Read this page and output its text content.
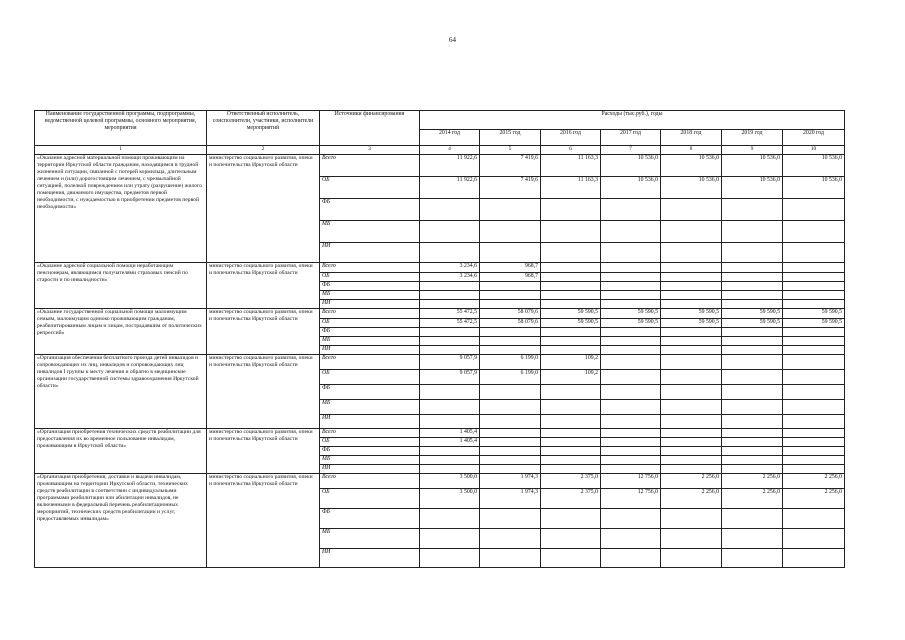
64
Наименование государственной программы, подпрограммы, ведомственной целевой программы, основного мероприятия, мероприятия	Ответственный исполнитель, соисполнители, участники, исполнители мероприятий	Источники финансирования	Расходы (тыс.руб.), годы						
			2014 год	2015 год	2016 год	2017 год	2018 год	2019 год	2020 год
1	2	3	4	5	6	7	8	9	10
«Оказание адресной материальной помощи проживающим на территории Иркутской области гражданам, находящимся в трудной жизненной ситуации, связанной с потерей кормильца, длительным лечением и (или) дорогостоящим лечением, с чрезвычайной ситуацией, полелкой повреждением или утрату (разрушение) жилого помещения, движимого имущества, предметов первой необходимости, с нуждаемостью в приобретении предметов первой необходимости»	министерство социального развития, опеки и попечительства Иркутской области	Всего	11 922,6	7 419,6	11 163,3	10 536,0	10 536,0	10 536,0	10 536,0
		ОБ	11 922,6	7 419,6	11 163,3	10 536,0	10 536,0	10 536,0	10 536,0
		ФБ							
		МБ							
		ИИ							
«Оказание адресной социальной помощи неработающим пенсионерам, являющимся получателями страховых пенсий по старости и по инвалидности»	министерство социального развития, опеки и попечительства Иркутской области	Всего	3 234,6	968,7					
		ОБ	3 234,6	968,7					
		ФБ							
		МБ							
		ИИ							
«Оказание государственной социальной помощи малоимущим семьям, малоимущим одиноко проживающим гражданам, реабилитированным лицам и лицам, пострадавшим от политических репрессий»	министерство социального развития, опеки и попечительства Иркутской области	Всего	55 472,5	58 079,6	59 590,5	59 590,5	59 590,5	59 590,5	59 590,5
		ОБ	55 472,5	58 079,6	59 590,5	59 590,5	59 590,5	59 590,5	59 590,5
		ФБ							
		МБ							
		ИИ							
«Организация обеспечения бесплатного проезда детей инвалидов и сопровождающих их лиц, инвалидов и сопровождающих лиц инвалидов I группы к месту лечения и обратно в медицинские организации государственной системы здравоохранения Иркутской области»	министерство социального развития, опеки и попечительства Иркутской области	Всего	9 057,9	6 199,0	109,2				
		ОБ	9 057,9	6 199,0	109,2				
		ФБ							
		МБ							
		ИИ							
«Организация приобретения технических средств реабилитации для предоставления их во временное пользование инвалидам, проживающим в Иркутской области»	министерство социального развития, опеки и попечительства Иркутской области	Всего	1 405,4						
		ОБ	1 405,4						
		ФБ							
		МБ							
		ИИ							
«Организация приобретения, доставки и выдачи инвалидам, проживающим на территории Иркутской области, технических средств реабилитации в соответствии с индивидуальными программами реабилитации или абилитации инвалидов, не включенными в федеральный перечень реабилитационных мероприятий, технических средств реабилитации и услуг, предоставляемых инвалидам»	министерство социального развития, опеки и попечительства Иркутской области	Всего	3 500,0	1 974,3	2 375,0	12 756,0	2 256,0	2 256,0	2 256,0
		ОБ	3 500,0	1 974,3	2 375,0	12 756,0	2 256,0	2 256,0	2 256,0
		ФБ							
		МБ							
		ИИ							
